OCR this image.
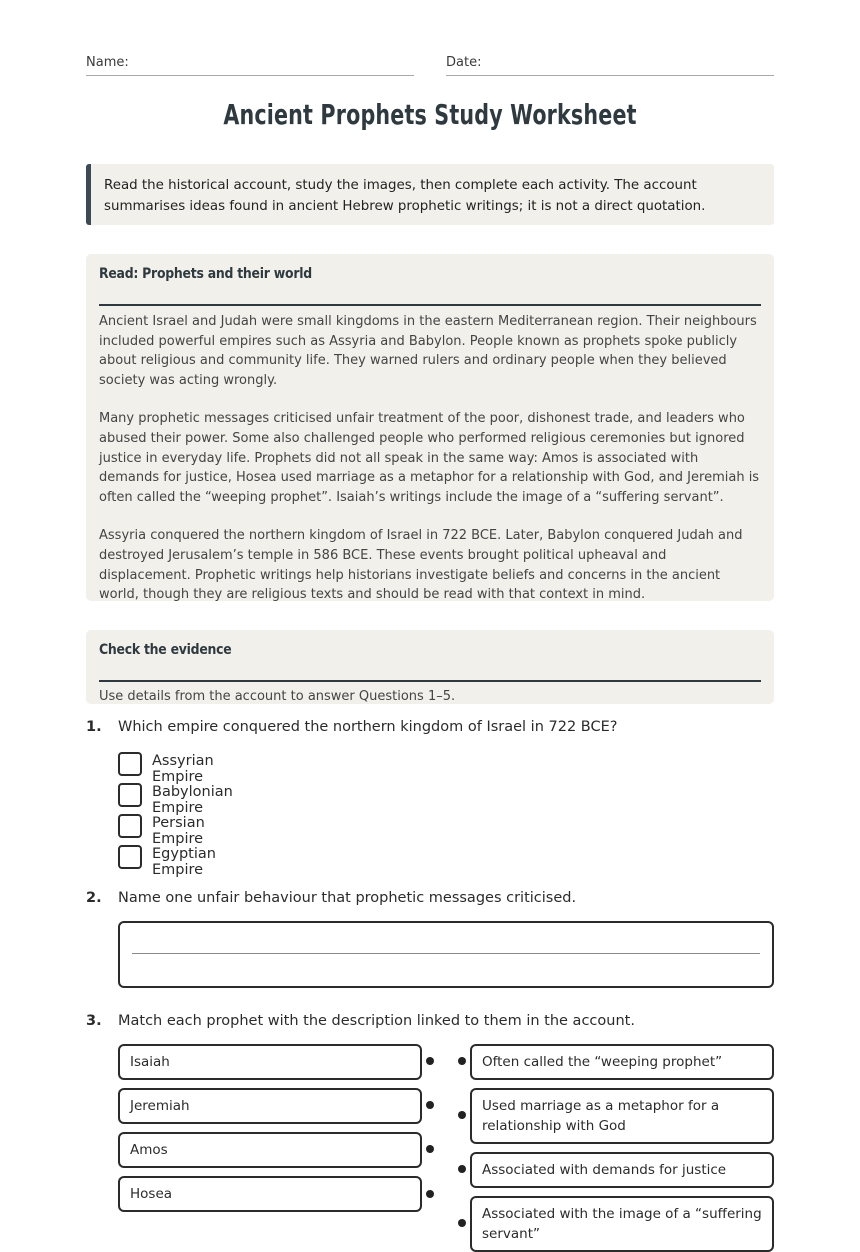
Name:	Date:
Ancient Prophets Study Worksheet
Read the historical account, study the images, then complete each activity. The account summarises ideas found in ancient Hebrew prophetic writings; it is not a direct quotation.
Read: Prophets and their world

Ancient Israel and Judah were small kingdoms in the eastern Mediterranean region. Their neighbours included powerful empires such as Assyria and Babylon. People known as prophets spoke publicly about religious and community life. They warned rulers and ordinary people when they believed society was acting wrongly.

Many prophetic messages criticised unfair treatment of the poor, dishonest trade, and leaders who abused their power. Some also challenged people who performed religious ceremonies but ignored justice in everyday life. Prophets did not all speak in the same way: Amos is associated with demands for justice, Hosea used marriage as a metaphor for a relationship with God, and Jeremiah is often called the “weeping prophet”. Isaiah’s writings include the image of a “suffering servant”.

Assyria conquered the northern kingdom of Israel in 722 BCE. Later, Babylon conquered Judah and destroyed Jerusalem’s temple in 586 BCE. These events brought political upheaval and displacement. Prophetic writings help historians investigate beliefs and concerns in the ancient world, though they are religious texts and should be read with that context in mind.

Check the evidence
Use details from the account to answer Questions 1–5.
1. Which empire conquered the northern kingdom of Israel in 722 BCE?
Assyrian Empire
Babylonian Empire
Persian Empire
Egyptian Empire
2. Name one unfair behaviour that prophetic messages criticised.
3. Match each prophet with the description linked to them in the account.
Isaiah
Jeremiah
Amos
Hosea
Often called the “weeping prophet”
Used marriage as a metaphor for a relationship with God
Associated with demands for justice
Associated with the image of a “suffering servant”
